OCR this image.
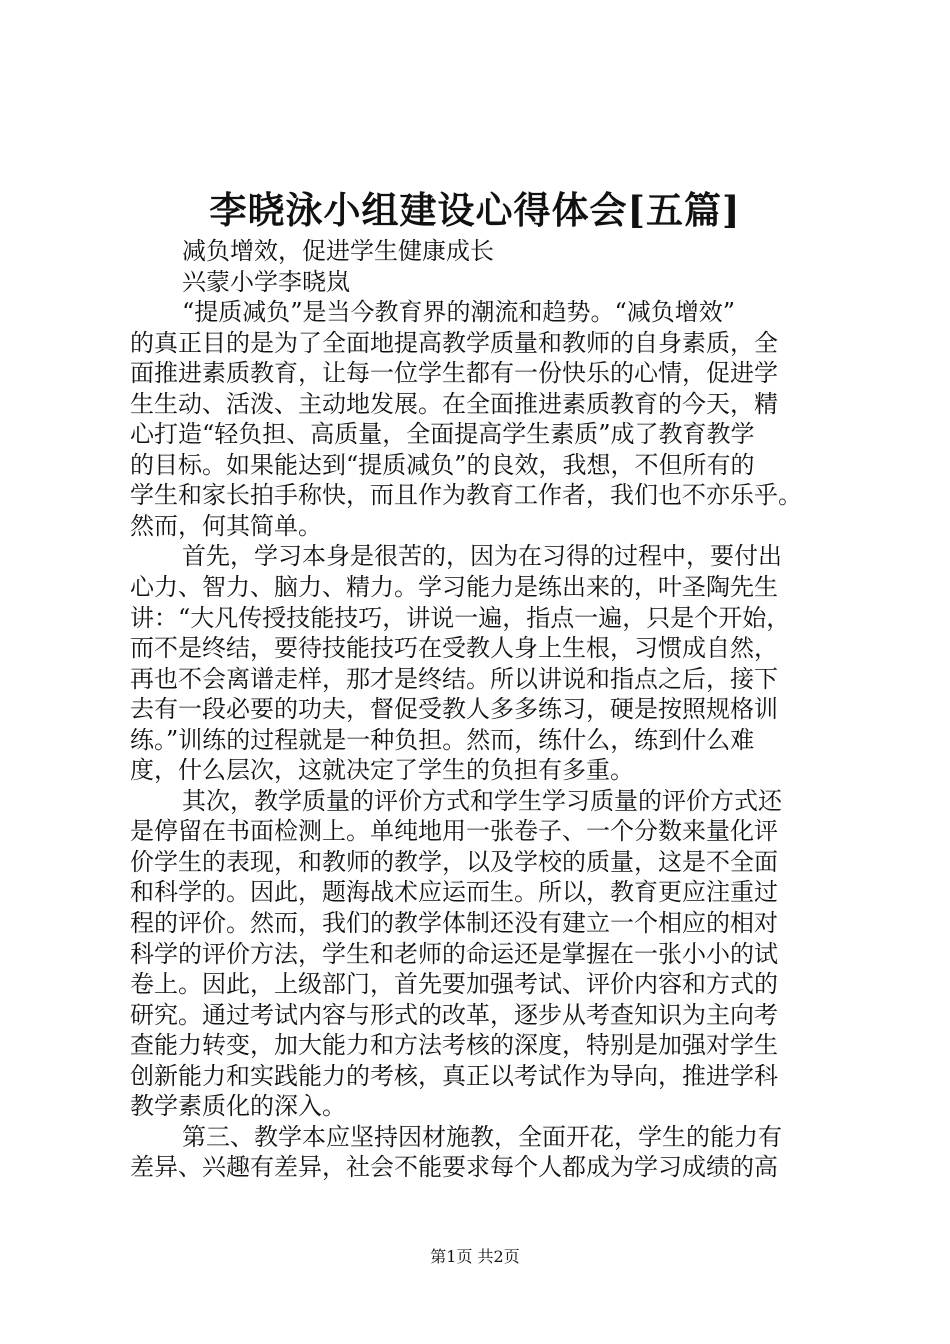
李晓泳小组建设心得体会[五篇]
减负增效，促进学生健康成长
兴蒙小学李晓岚
“提质减负”是当今教育界的潮流和趋势。“减负增效”
的真正目的是为了全面地提高教学质量和教师的自身素质，全
面推进素质教育，让每一位学生都有一份快乐的心情，促进学
生生动、活泼、主动地发展。在全面推进素质教育的今天，精
心打造“轻负担、高质量，全面提高学生素质”成了教育教学
的目标。如果能达到“提质减负”的良效，我想，不但所有的
学生和家长拍手称快，而且作为教育工作者，我们也不亦乐乎。
然而，何其简单。
首先，学习本身是很苦的，因为在习得的过程中，要付出
心力、智力、脑力、精力。学习能力是练出来的，叶圣陶先生
讲：“大凡传授技能技巧，讲说一遍，指点一遍，只是个开始，
而不是终结，要待技能技巧在受教人身上生根，习惯成自然，
再也不会离谱走样，那才是终结。所以讲说和指点之后，接下
去有一段必要的功夫，督促受教人多多练习，硬是按照规格训
练。”训练的过程就是一种负担。然而，练什么，练到什么难
度，什么层次，这就决定了学生的负担有多重。
其次，教学质量的评价方式和学生学习质量的评价方式还
是停留在书面检测上。单纯地用一张卷子、一个分数来量化评
价学生的表现，和教师的教学，以及学校的质量，这是不全面
和科学的。因此，题海战术应运而生。所以，教育更应注重过
程的评价。然而，我们的教学体制还没有建立一个相应的相对
科学的评价方法，学生和老师的命运还是掌握在一张小小的试
卷上。因此，上级部门，首先要加强考试、评价内容和方式的
研究。通过考试内容与形式的改革，逐步从考查知识为主向考
查能力转变，加大能力和方法考核的深度，特别是加强对学生
创新能力和实践能力的考核，真正以考试作为导向，推进学科
教学素质化的深入。
第三、教学本应坚持因材施教，全面开花，学生的能力有
差异、兴趣有差异，社会不能要求每个人都成为学习成绩的高
第1页 共2页
